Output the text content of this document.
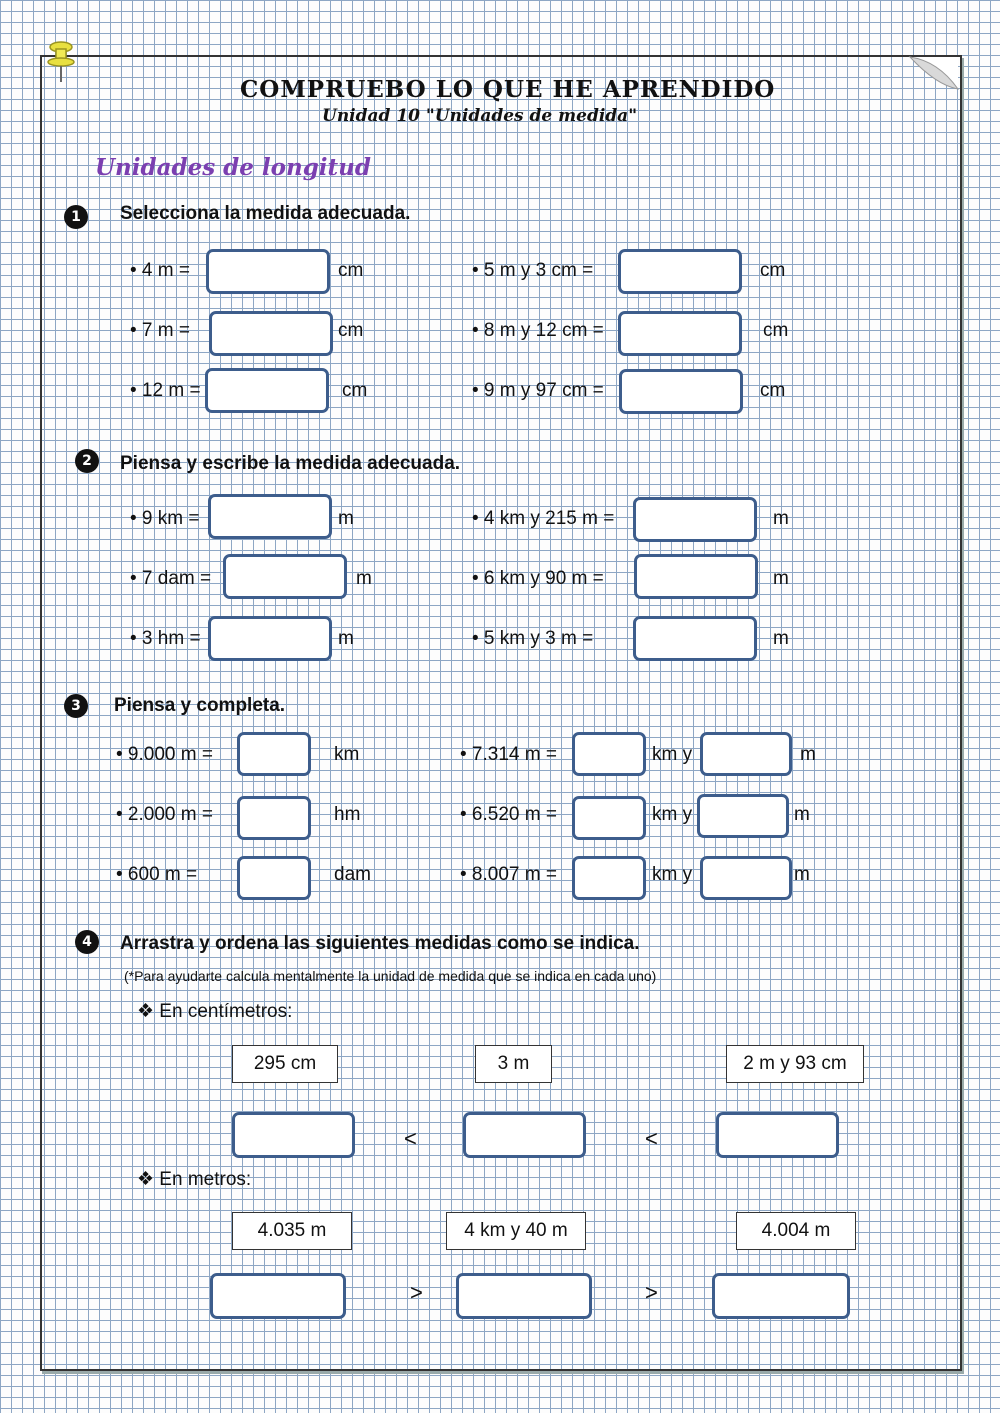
COMPRUEBO LO QUE HE APRENDIDO
Unidad 10 "Unidades de medida"
Unidades de longitud
1	Selecciona la medida adecuada.
• 4 m =	cm
• 7 m =	cm
• 12 m =	cm
• 5 m y 3 cm =	cm
• 8 m y 12 cm =	cm
• 9 m y 97 cm =	cm
2	Piensa y escribe la medida adecuada.
• 9 km =	m
• 7 dam =	m
• 3 hm =	m
• 4 km y 215 m =	m
• 6 km y 90 m =	m
• 5 km y 3 m =	m
3	Piensa y completa.
• 9.000 m =	km
• 2.000 m =	hm
• 600 m =	dam
• 7.314 m =	km y	m
• 6.520 m =	km y	m
• 8.007 m =	km y	m
4	Arrastra y ordena las siguientes medidas como se indica.
(*Para ayudarte calcula mentalmente la unidad de medida que se indica en cada uno)
❖ En centímetros:
295 cm	3 m	2 m y 93 cm
<	<
❖ En metros:
4.035 m	4 km y 40 m	4.004 m
>	>
